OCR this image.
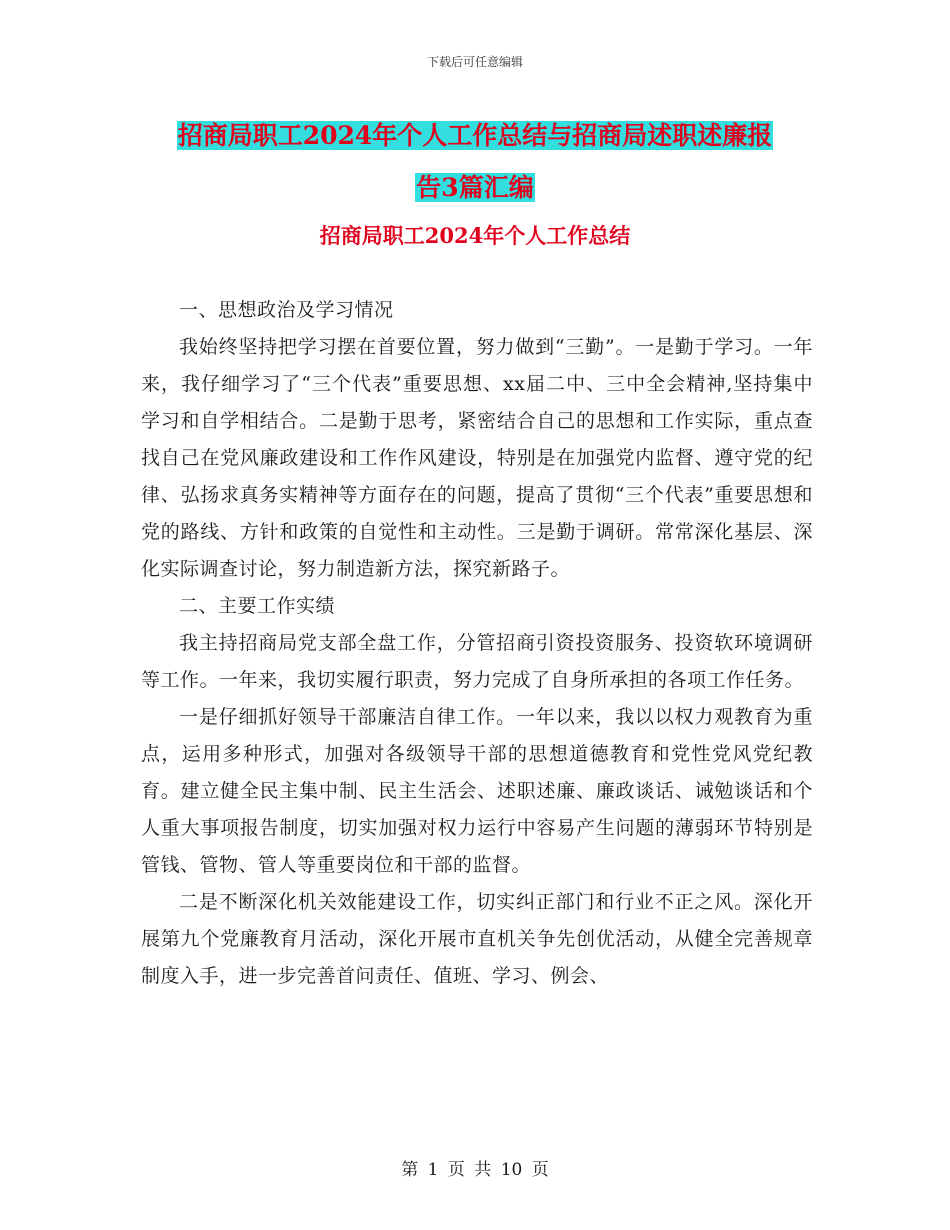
下载后可任意编辑
招商局职工2024年个人工作总结与招商局述职述廉报
告3篇汇编
招商局职工2024年个人工作总结

一、思想政治及学习情况

我始终坚持把学习摆在首要位置，努力做到“三勤”。一是勤于学习。一年来，我仔细学习了“三个代表”重要思想、xx届二中、三中全会精神,坚持集中学习和自学相结合。二是勤于思考，紧密结合自己的思想和工作实际，重点查找自己在党风廉政建设和工作作风建设，特别是在加强党内监督、遵守党的纪律、弘扬求真务实精神等方面存在的问题，提高了贯彻“三个代表”重要思想和党的路线、方针和政策的自觉性和主动性。三是勤于调研。常常深化基层、深化实际调查讨论，努力制造新方法，探究新路子。

二、主要工作实绩

我主持招商局党支部全盘工作，分管招商引资投资服务、投资软环境调研等工作。一年来，我切实履行职责，努力完成了自身所承担的各项工作任务。

一是仔细抓好领导干部廉洁自律工作。一年以来，我以以权力观教育为重点，运用多种形式，加强对各级领导干部的思想道德教育和党性党风党纪教育。建立健全民主集中制、民主生活会、述职述廉、廉政谈话、诫勉谈话和个人重大事项报告制度，切实加强对权力运行中容易产生问题的薄弱环节特别是管钱、管物、管人等重要岗位和干部的监督。

二是不断深化机关效能建设工作，切实纠正部门和行业不正之风。深化开展第九个党廉教育月活动，深化开展市直机关争先创优活动，从健全完善规章制度入手，进一步完善首问责任、值班、学习、例会、

第 1 页 共 10 页
